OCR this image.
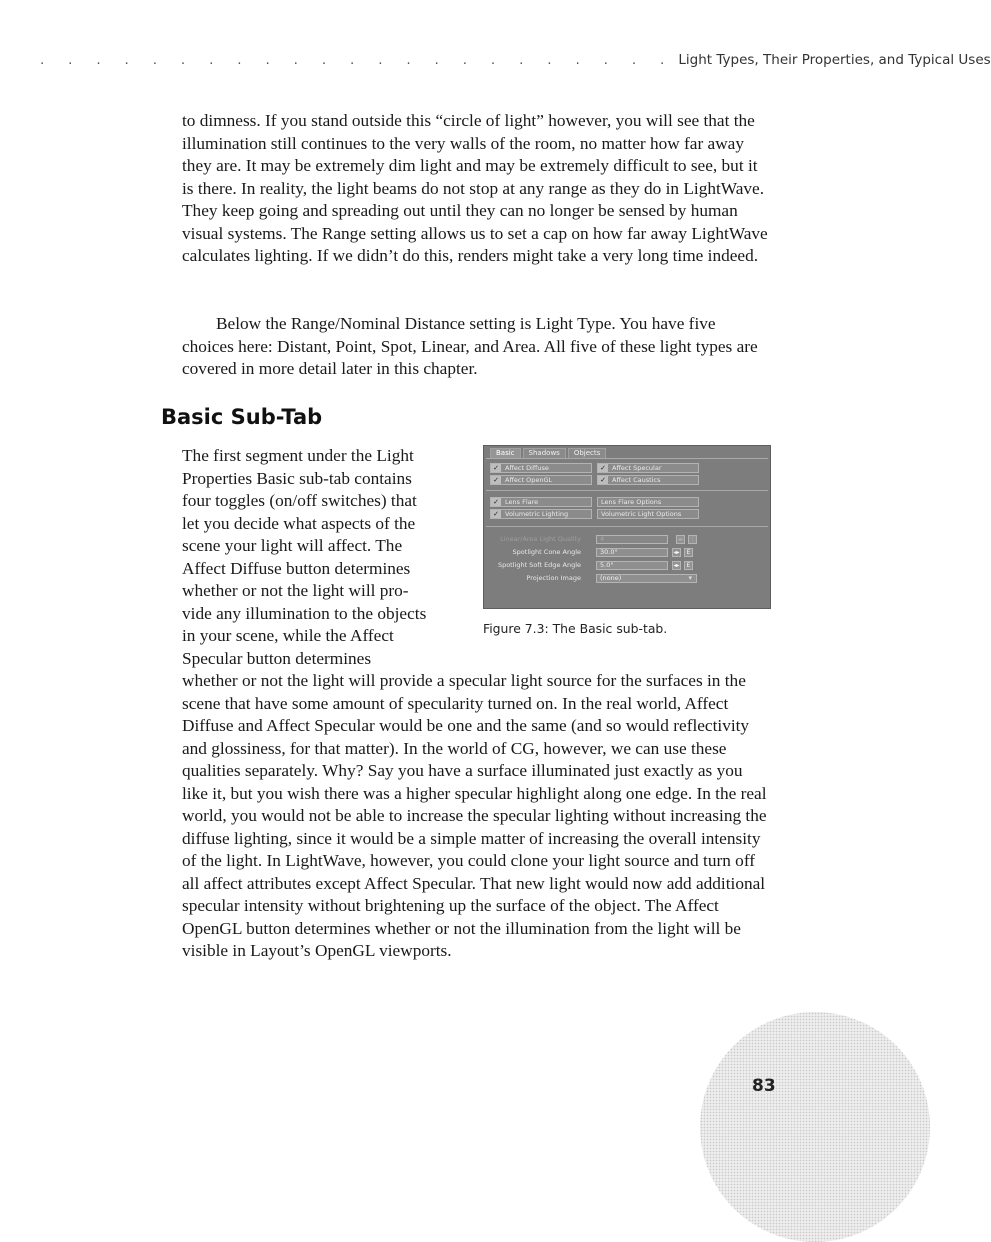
. . . . . . . . . . . . . . . . . . . . . . . Light Types, Their Properties, and Typical Uses

to dimness. If you stand outside this “circle of light” however, you will see that the illumination still continues to the very walls of the room, no matter how far away they are. It may be extremely dim light and may be extremely difficult to see, but it is there. In reality, the light beams do not stop at any range as they do in LightWave. They keep going and spreading out until they can no longer be sensed by human visual systems. The Range setting allows us to set a cap on how far away LightWave calculates lighting. If we didn’t do this, renders might take a very long time indeed.

Below the Range/Nominal Distance setting is Light Type. You have five choices here: Distant, Point, Spot, Linear, and Area. All five of these light types are covered in more detail later in this chapter.

Basic Sub-Tab
The first segment under the Light
Properties Basic sub-tab contains
four toggles (on/off switches) that
let you decide what aspects of the
scene your light will affect. The
Affect Diffuse button determines
whether or not the light will pro-
vide any illumination to the objects
in your scene, while the Affect
Specular button determines

whether or not the light will provide a specular light source for the surfaces in the scene that have some amount of specularity turned on. In the real world, Affect Diffuse and Affect Specular would be one and the same (and so would reflectivity and glossiness, for that matter). In the world of CG, however, we can use these qualities separately. Why? Say you have a surface illuminated just exactly as you like it, but you wish there was a higher specular highlight along one edge. In the real world, you would not be able to increase the specular lighting without increasing the diffuse lighting, since it would be a simple matter of increasing the overall intensity of the light. In LightWave, however, you could clone your light source and turn off all affect attributes except Affect Specular. That new light would now add additional specular intensity without brightening up the surface of the object. The Affect OpenGL button determines whether or not the illumination from the light will be visible in Layout’s OpenGL viewports.

Basic	Shadows	Objects
✓ Affect Diffuse	✓ Affect Specular
✓ Affect OpenGL	✓ Affect Caustics
✓ Lens Flare	Lens Flare Options
✓ Volumetric Lighting	Volumetric Light Options
Linear/Area Light Quality	4	◂▸ ⋮
Spotlight Cone Angle	30.0°	◂▸	E
Spotlight Soft Edge Angle	5.0°	◂▸	E
Projection Image	(none) ▾
Figure 7.3: The Basic sub-tab.
83
